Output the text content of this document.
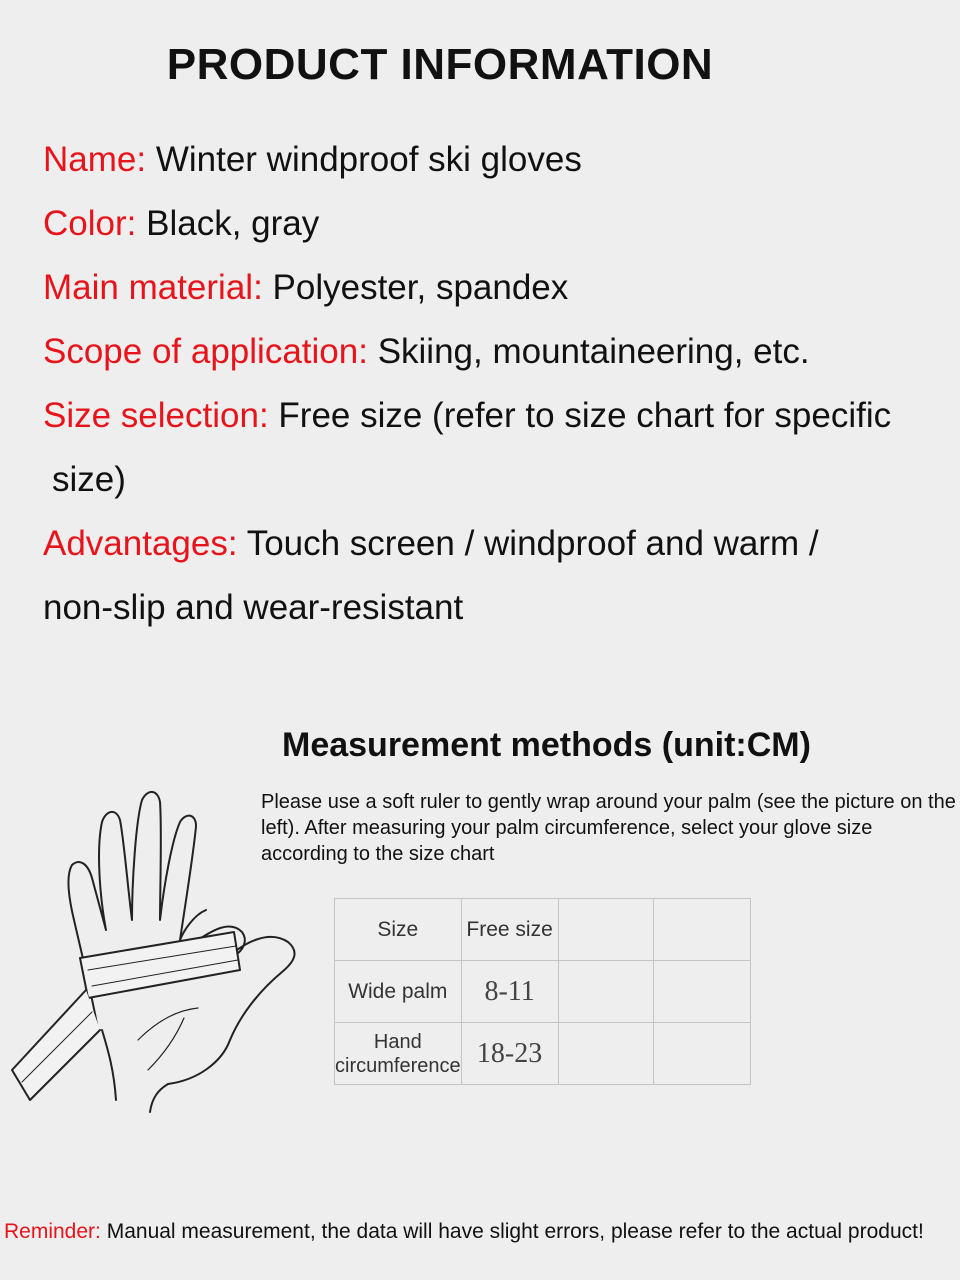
PRODUCT INFORMATION
Name: Winter windproof ski gloves
Color: Black, gray
Main material: Polyester, spandex
Scope of application: Skiing, mountaineering, etc.
Size selection: Free size (refer to size chart for specific
size)
Advantages: Touch screen / windproof and warm /
non-slip and wear-resistant
Measurement methods (unit:CM)
Please use a soft ruler to gently wrap around your palm (see the picture on the left). After measuring your palm circumference, select your glove size according to the size chart
Size	Free size		
Wide palm	8-11		
Hand circumference	18-23		
Reminder: Manual measurement, the data will have slight errors, please refer to the actual product!
